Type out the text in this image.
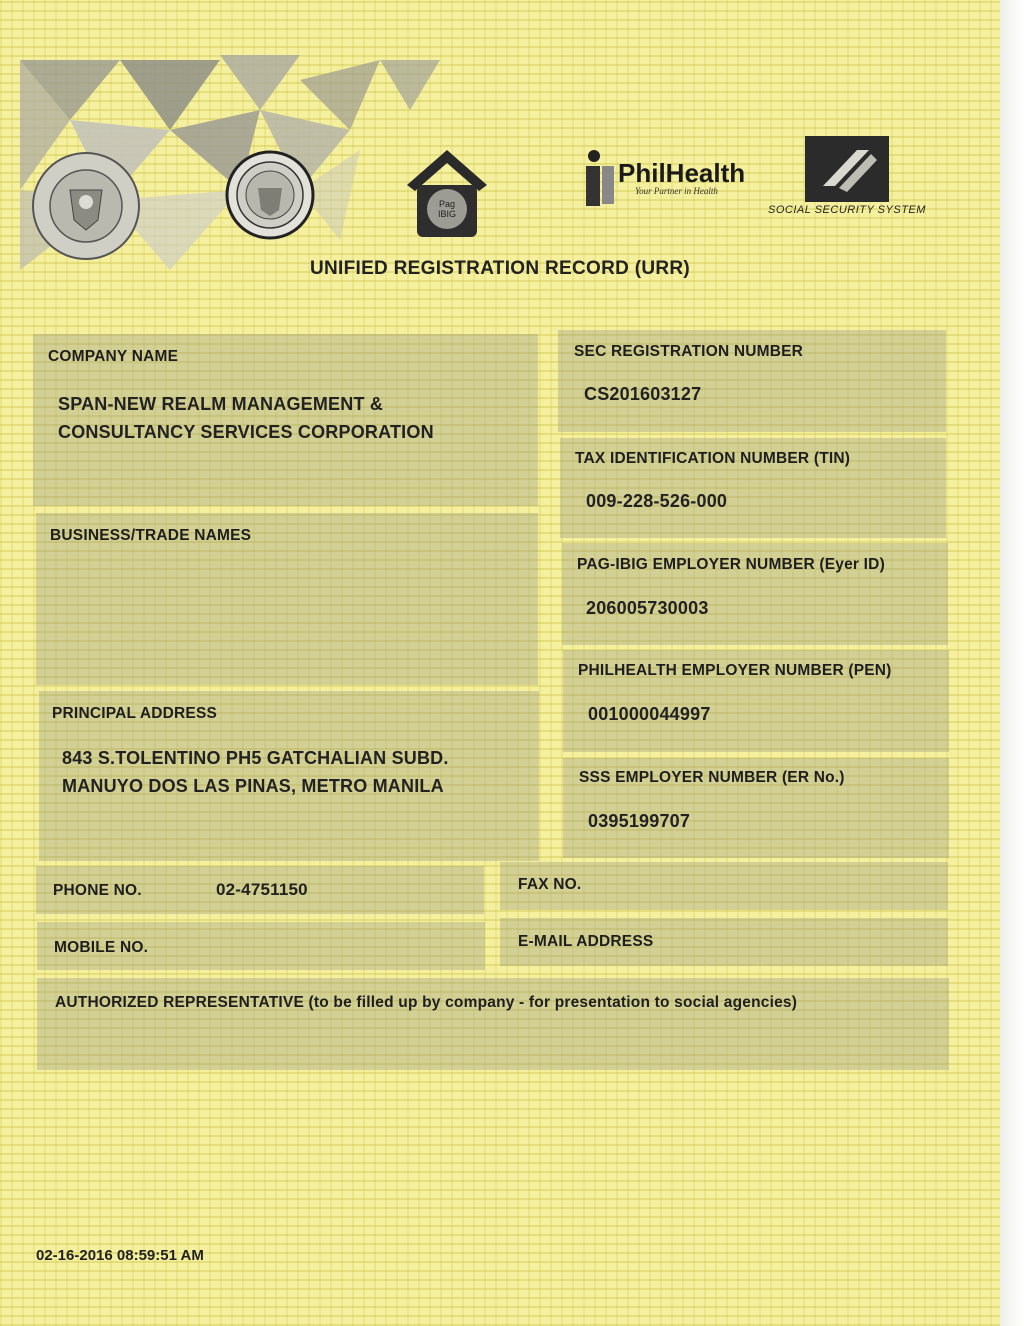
Pag
IBIG
PhilHealth
Your Partner in Health
SOCIAL SECURITY SYSTEM
UNIFIED REGISTRATION RECORD (URR)
COMPANY NAME
SPAN-NEW REALM MANAGEMENT &
CONSULTANCY SERVICES CORPORATION
BUSINESS/TRADE NAMES
PRINCIPAL ADDRESS
843 S.TOLENTINO PH5 GATCHALIAN SUBD.
MANUYO DOS LAS PINAS, METRO MANILA
SEC REGISTRATION NUMBER
CS201603127
TAX IDENTIFICATION NUMBER (TIN)
009-228-526-000
PAG-IBIG EMPLOYER NUMBER (Eyer ID)
206005730003
PHILHEALTH EMPLOYER NUMBER (PEN)
001000044997
SSS EMPLOYER NUMBER (ER No.)
0395199707
PHONE NO.	02-4751150	FAX NO.
MOBILE NO.	E-MAIL ADDRESS
AUTHORIZED REPRESENTATIVE (to be filled up by company - for presentation to social agencies)
02-16-2016 08:59:51 AM
